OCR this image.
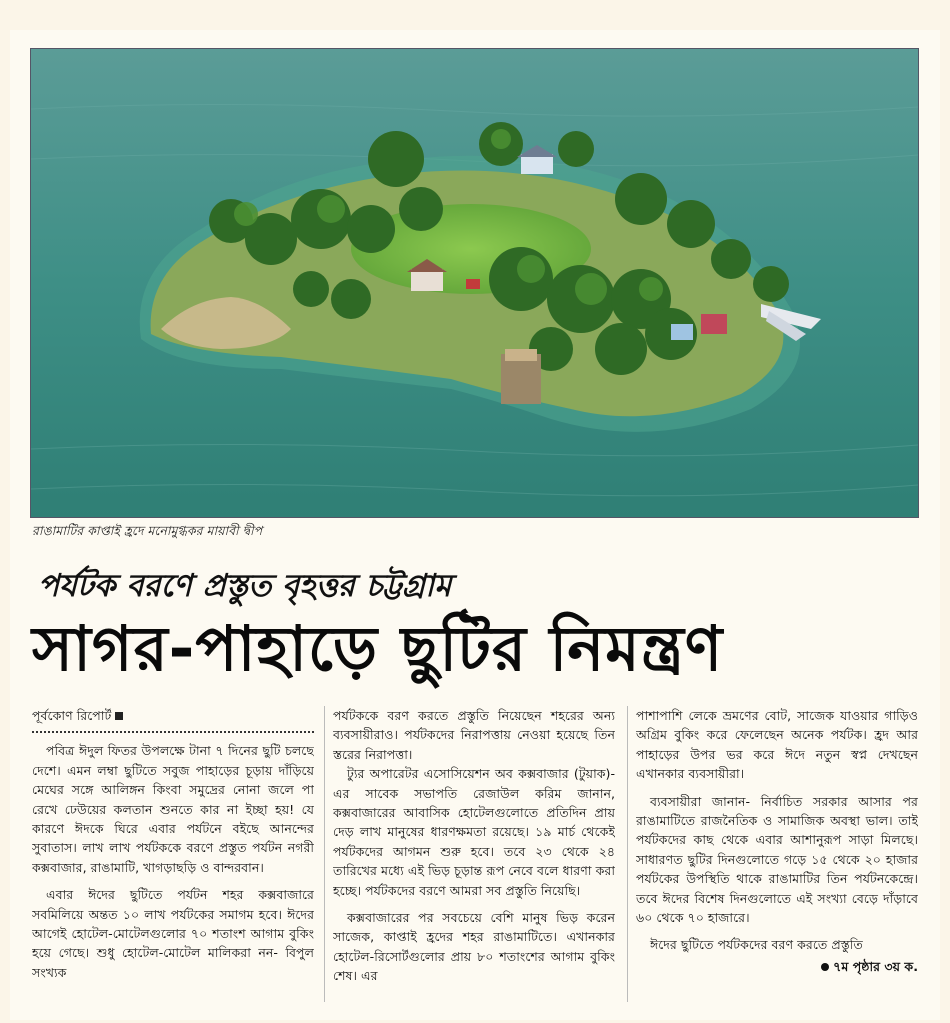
রাঙামাটির কাপ্তাই হ্রদে মনোমুগ্ধকর মায়াবী দ্বীপ
পর্যটক বরণে প্রস্তুত বৃহত্তর চট্টগ্রাম
সাগর-পাহাড়ে ছুটির নিমন্ত্রণ
পূর্বকোণ রিপোর্ট

পবিত্র ঈদুল ফিতর উপলক্ষে টানা ৭ দিনের ছুটি চলছে দেশে। এমন লম্বা ছুটিতে সবুজ পাহাড়ের চূড়ায় দাঁড়িয়ে মেঘের সঙ্গে আলিঙ্গন কিংবা সমুদ্রের নোনা জলে পা রেখে ঢেউয়ের কলতান শুনতে কার না ইচ্ছা হয়! যে কারণে ঈদকে ঘিরে এবার পর্যটনে বইছে আনন্দের সুবাতাস। লাখ লাখ পর্যটককে বরণে প্রস্তুত পর্যটন নগরী কক্সবাজার, রাঙামাটি, খাগড়াছড়ি ও বান্দরবান।

এবার ঈদের ছুটিতে পর্যটন শহর কক্সবাজারে সবমিলিয়ে অন্তত ১০ লাখ পর্যটকের সমাগম হবে। ঈদের আগেই হোটেল-মোটেলগুলোর ৭০ শতাংশ আগাম বুকিং হয়ে গেছে। শুধু হোটেল-মোটেল মালিকরা নন- বিপুল সংখ্যক

পর্যটককে বরণ করতে প্রস্তুতি নিয়েছেন শহরের অন্য ব্যবসায়ীরাও। পর্যটকদের নিরাপত্তায় নেওয়া হয়েছে তিন স্তরের নিরাপত্তা।

ট্যুর অপারেটর এসোসিয়েশন অব কক্সবাজার (টুয়াক)-এর সাবেক সভাপতি রেজাউল করিম জানান, কক্সবাজারের আবাসিক হোটেলগুলোতে প্রতিদিন প্রায় দেড় লাখ মানুষের ধারণক্ষমতা রয়েছে। ১৯ মার্চ থেকেই পর্যটকদের আগমন শুরু হবে। তবে ২৩ থেকে ২৪ তারিখের মধ্যে এই ভিড় চূড়ান্ত রূপ নেবে বলে ধারণা করা হচ্ছে। পর্যটকদের বরণে আমরা সব প্রস্তুতি নিয়েছি।

কক্সবাজারের পর সবচেয়ে বেশি মানুষ ভিড় করেন সাজেক, কাপ্তাই হ্রদের শহর রাঙামাটিতে। এখানকার হোটেল-রিসোর্টগুলোর প্রায় ৮০ শতাংশের আগাম বুকিং শেষ। এর

পাশাপাশি লেকে ভ্রমণের বোট, সাজেক যাওয়ার গাড়িও অগ্রিম বুকিং করে ফেলেছেন অনেক পর্যটক। হ্রদ আর পাহাড়ের উপর ভর করে ঈদে নতুন স্বপ্ন দেখছেন এখানকার ব্যবসায়ীরা।

ব্যবসায়ীরা জানান- নির্বাচিত সরকার আসার পর রাঙামাটিতে রাজনৈতিক ও সামাজিক অবস্থা ভাল। তাই পর্যটকদের কাছ থেকে এবার আশানুরূপ সাড়া মিলছে। সাধারণত ছুটির দিনগুলোতে গড়ে ১৫ থেকে ২০ হাজার পর্যটকের উপস্থিতি থাকে রাঙামাটির তিন পর্যটনকেন্দ্রে। তবে ঈদের বিশেষ দিনগুলোতে এই সংখ্যা বেড়ে দাঁড়াবে ৬০ থেকে ৭০ হাজারে।

ঈদের ছুটিতে পর্যটকদের বরণ করতে প্রস্তুতি

৭ম পৃষ্ঠার ৩য় ক.
